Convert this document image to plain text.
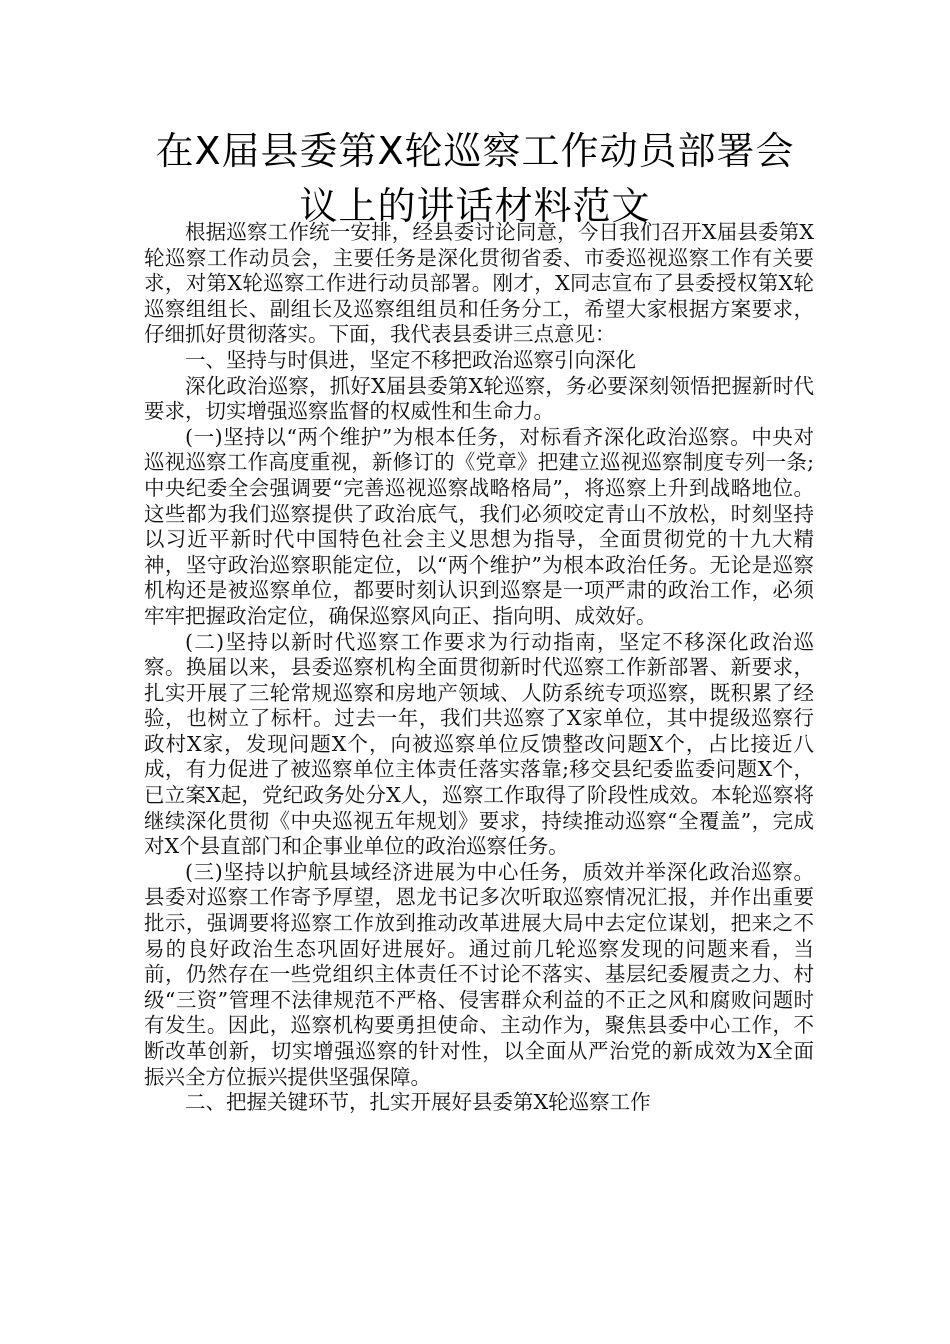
在X届县委第X轮巡察工作动员部署会
议上的讲话材料范文

根据巡察工作统一安排，经县委讨论同意，今日我们召开X届县委第X轮巡察工作动员会，主要任务是深化贯彻省委、市委巡视巡察工作有关要求，对第X轮巡察工作进行动员部署。刚才，X同志宣布了县委授权第X轮巡察组组长、副组长及巡察组组员和任务分工，希望大家根据方案要求，仔细抓好贯彻落实。下面，我代表县委讲三点意见：

一、坚持与时俱进，坚定不移把政治巡察引向深化

深化政治巡察，抓好X届县委第X轮巡察，务必要深刻领悟把握新时代要求，切实增强巡察监督的权威性和生命力。

(一)坚持以“两个维护”为根本任务，对标看齐深化政治巡察。中央对巡视巡察工作高度重视，新修订的《党章》把建立巡视巡察制度专列一条;中央纪委全会强调要“完善巡视巡察战略格局”，将巡察上升到战略地位。这些都为我们巡察提供了政治底气，我们必须咬定青山不放松，时刻坚持以习近平新时代中国特色社会主义思想为指导，全面贯彻党的十九大精神，坚守政治巡察职能定位，以“两个维护”为根本政治任务。无论是巡察机构还是被巡察单位，都要时刻认识到巡察是一项严肃的政治工作，必须牢牢把握政治定位，确保巡察风向正、指向明、成效好。

(二)坚持以新时代巡察工作要求为行动指南，坚定不移深化政治巡察。换届以来，县委巡察机构全面贯彻新时代巡察工作新部署、新要求，扎实开展了三轮常规巡察和房地产领域、人防系统专项巡察，既积累了经验，也树立了标杆。过去一年，我们共巡察了X家单位，其中提级巡察行政村X家，发现问题X个，向被巡察单位反馈整改问题X个，占比接近八成，有力促进了被巡察单位主体责任落实落靠;移交县纪委监委问题X个，已立案X起，党纪政务处分X人，巡察工作取得了阶段性成效。本轮巡察将继续深化贯彻《中央巡视五年规划》要求，持续推动巡察“全覆盖”，完成对X个县直部门和企事业单位的政治巡察任务。

(三)坚持以护航县域经济进展为中心任务，质效并举深化政治巡察。县委对巡察工作寄予厚望，恩龙书记多次听取巡察情况汇报，并作出重要批示，强调要将巡察工作放到推动改革进展大局中去定位谋划，把来之不易的良好政治生态巩固好进展好。通过前几轮巡察发现的问题来看，当前，仍然存在一些党组织主体责任不讨论不落实、基层纪委履责之力、村级“三资”管理不法律规范不严格、侵害群众利益的不正之风和腐败问题时有发生。因此，巡察机构要勇担使命、主动作为，聚焦县委中心工作，不断改革创新，切实增强巡察的针对性，以全面从严治党的新成效为X全面振兴全方位振兴提供坚强保障。

二、把握关键环节，扎实开展好县委第X轮巡察工作
